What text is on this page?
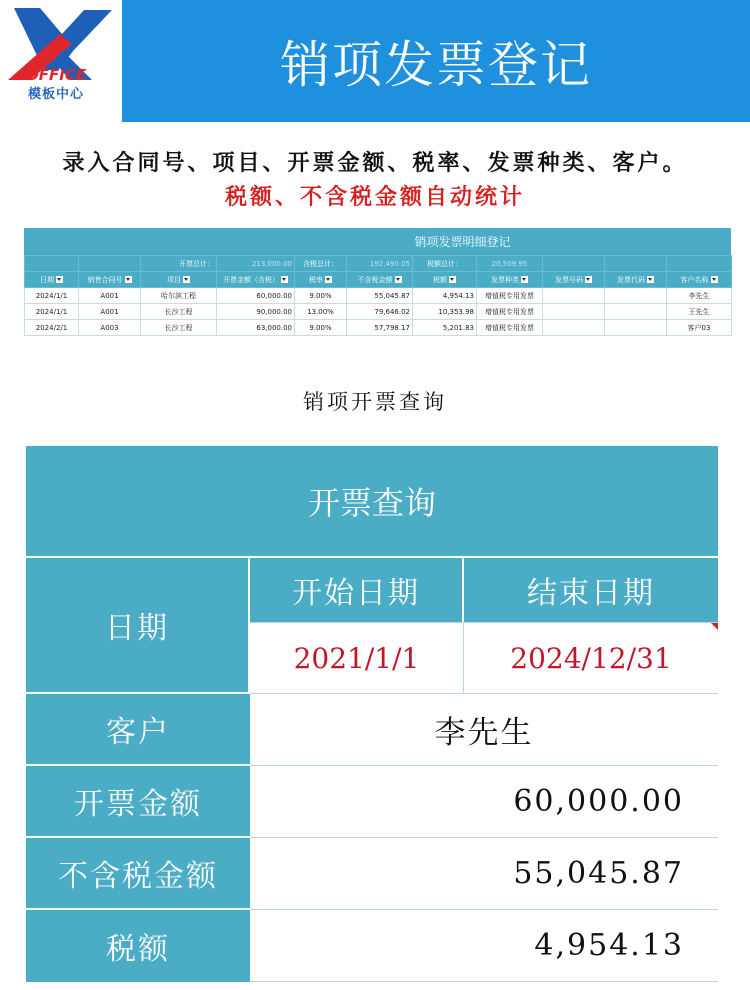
OFFICE
模板中心
销项发票登记
录入合同号、项目、开票金额、税率、发票种类、客户。
税额、不含税金额自动统计
销项发票明细登记
		开票总计：	213,000.00	含税总计：	192,490.05	税额总计：	20,509.95			
日期	销售合同号	项目	开票金额（含税）	税率	不含税金额	税额	发票种类	发票号码	发票代码	客户名称
2024/1/1	A001	哈尔滨工程	60,000.00	9.00%	55,045.87	4,954.13	增值税专用发票			李先生
2024/1/1	A001	长沙工程	90,000.00	13.00%	79,646.02	10,353.98	增值税专用发票			王先生
2024/2/1	A003	长沙工程	63,000.00	9.00%	57,798.17	5,201.83	增值税专用发票			客户03
销项开票查询
开票查询
日期
开始日期	结束日期
2021/1/1	2024/12/31
客户	李先生
开票金额	60,000.00
不含税金额	55,045.87
税额	4,954.13
